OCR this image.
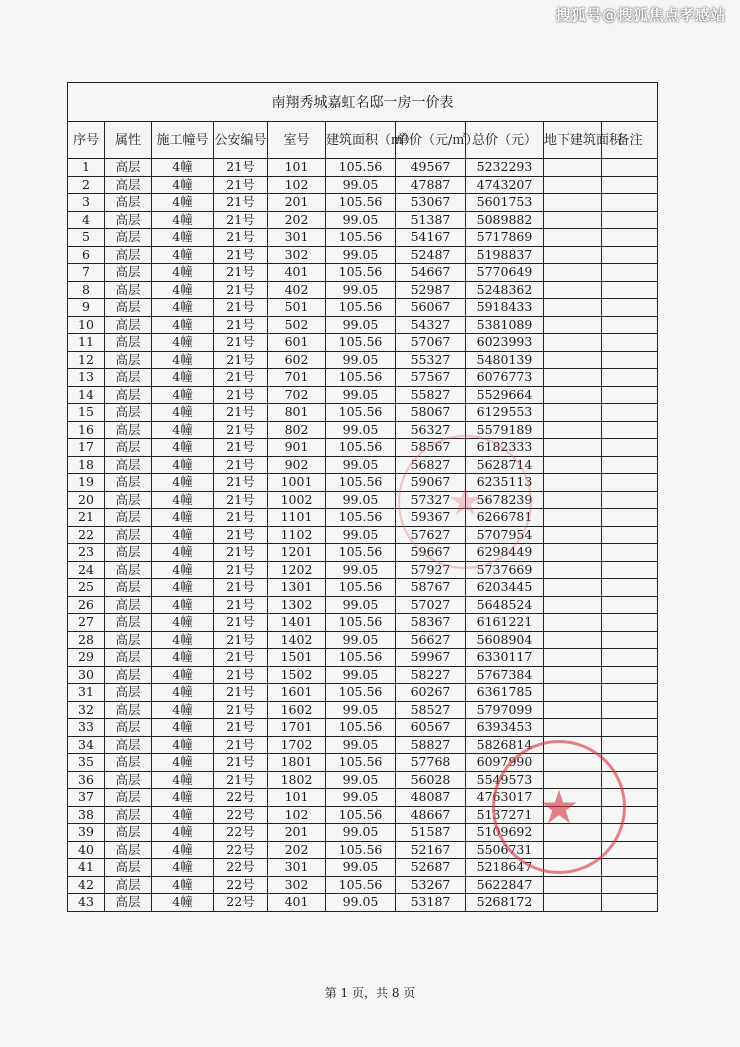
搜狐号@搜狐焦点孝感站
南翔秀城嘉虹名邸一房一价表									
序号	属性	施工幢号	公安编号	室号	建筑面积（㎡）	单价（元/㎡）	总价（元）	地下建筑面积	备注
1	高层	4幢	21号	101	105.56	49567	5232293		
2	高层	4幢	21号	102	99.05	47887	4743207		
3	高层	4幢	21号	201	105.56	53067	5601753		
4	高层	4幢	21号	202	99.05	51387	5089882		
5	高层	4幢	21号	301	105.56	54167	5717869		
6	高层	4幢	21号	302	99.05	52487	5198837		
7	高层	4幢	21号	401	105.56	54667	5770649		
8	高层	4幢	21号	402	99.05	52987	5248362		
9	高层	4幢	21号	501	105.56	56067	5918433		
10	高层	4幢	21号	502	99.05	54327	5381089		
11	高层	4幢	21号	601	105.56	57067	6023993		
12	高层	4幢	21号	602	99.05	55327	5480139		
13	高层	4幢	21号	701	105.56	57567	6076773		
14	高层	4幢	21号	702	99.05	55827	5529664		
15	高层	4幢	21号	801	105.56	58067	6129553		
16	高层	4幢	21号	802	99.05	56327	5579189		
17	高层	4幢	21号	901	105.56	58567	6182333		
18	高层	4幢	21号	902	99.05	56827	5628714		
19	高层	4幢	21号	1001	105.56	59067	6235113		
20	高层	4幢	21号	1002	99.05	57327	5678239		
21	高层	4幢	21号	1101	105.56	59367	6266781		
22	高层	4幢	21号	1102	99.05	57627	5707954		
23	高层	4幢	21号	1201	105.56	59667	6298449		
24	高层	4幢	21号	1202	99.05	57927	5737669		
25	高层	4幢	21号	1301	105.56	58767	6203445		
26	高层	4幢	21号	1302	99.05	57027	5648524		
27	高层	4幢	21号	1401	105.56	58367	6161221		
28	高层	4幢	21号	1402	99.05	56627	5608904		
29	高层	4幢	21号	1501	105.56	59967	6330117		
30	高层	4幢	21号	1502	99.05	58227	5767384		
31	高层	4幢	21号	1601	105.56	60267	6361785		
32	高层	4幢	21号	1602	99.05	58527	5797099		
33	高层	4幢	21号	1701	105.56	60567	6393453		
34	高层	4幢	21号	1702	99.05	58827	5826814		
35	高层	4幢	21号	1801	105.56	57768	6097990		
36	高层	4幢	21号	1802	99.05	56028	5549573		
37	高层	4幢	22号	101	99.05	48087	4763017		
38	高层	4幢	22号	102	105.56	48667	5137271		
39	高层	4幢	22号	201	99.05	51587	5109692		
40	高层	4幢	22号	202	105.56	52167	5506731		
41	高层	4幢	22号	301	99.05	52687	5218647		
42	高层	4幢	22号	302	105.56	53267	5622847		
43	高层	4幢	22号	401	99.05	53187	5268172		
★
★
第 1 页，共 8 页
